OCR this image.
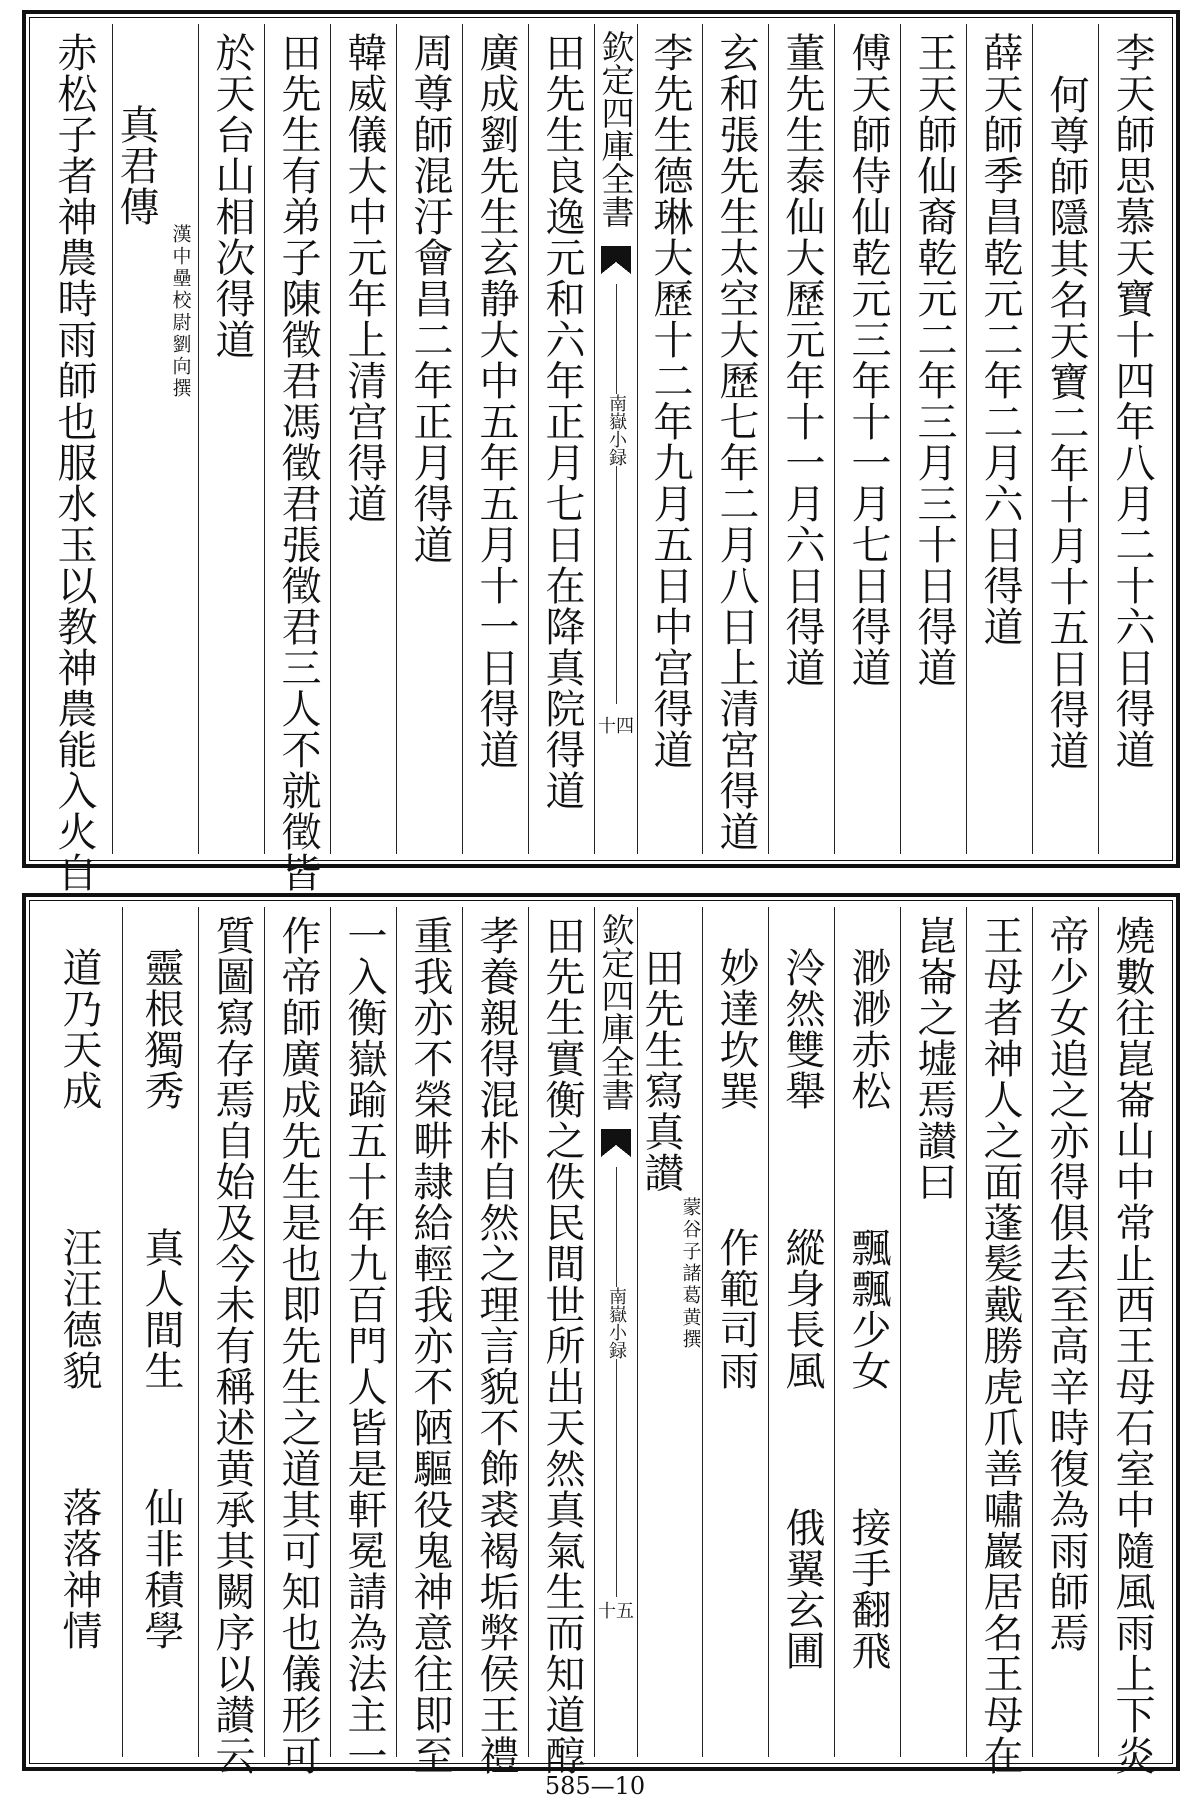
李天師思慕天寶十四年八月二十六日得道
何尊師隱其名天寶二年十月十五日得道
薛天師季昌乾元二年二月六日得道
王天師仙裔乾元二年三月三十日得道
傅天師侍仙乾元三年十一月七日得道
董先生泰仙大歷元年十一月六日得道
玄和張先生太空大歷七年二月八日上清宮得道
李先生德琳大歷十二年九月五日中宫得道
欽定四庫全書
南嶽小録
十四
田先生良逸元和六年正月七日在降真院得道
廣成劉先生玄静大中五年五月十一日得道
周尊師混汙會昌二年正月得道
韓威儀大中元年上清宫得道
田先生有弟子陳徵君馮徵君張徵君三人不就徵皆
於天台山相次得道
真君傳
漢中壘校尉劉向撰
赤松子者神農時雨師也服水玉以教神農能入火自
燒數往崑崙山中常止西王母石室中隨風雨上下炎
帝少女追之亦得俱去至高辛時復為雨師焉
王母者神人之面蓬髪戴勝虎爪善嘯巖居名王母在
崑崙之墟焉讃曰
渺渺赤松
飄飄少女
接手翻飛
泠然雙舉
縱身長風
俄翼玄圃
妙達坎巽
作範司雨
田先生寫真讃
蒙谷子諸葛黄撰
欽定四庫全書
南嶽小録
十五
田先生實衡之佚民間世所出天然真氣生而知道醇
孝養親得混朴自然之理言貌不飾裘褐垢弊侯王禮
重我亦不榮畊隷給輕我亦不陋驅役鬼神意往即至
一入衡嶽踰五十年九百門人皆是軒冕請為法主一
作帝師廣成先生是也即先生之道其可知也儀形可
質圖寫存焉自始及今未有稱述黄承其闕序以讃云
靈根獨秀
真人間生
仙非積學
道乃天成
汪汪德貌
落落神情
585—10
